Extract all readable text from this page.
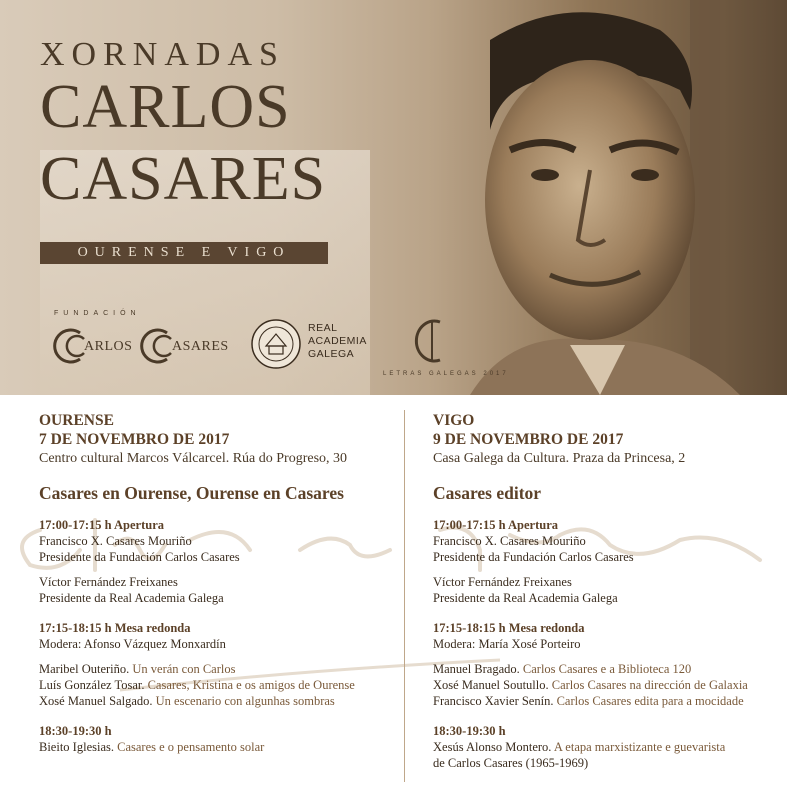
XORNADAS
CARLOS
CASARES
OURENSE E VIGO
FUNDACIÓN
ARLOS	ASARES
REAL
ACADEMIA
GALEGA
LETRAS GALEGAS 2017
OURENSE
7 DE NOVEMBRO DE 2017
Centro cultural Marcos Válcarcel. Rúa do Progreso, 30
Casares en Ourense, Ourense en Casares
17:00-17:15 h Apertura
Francisco X. Casares Mouriño
Presidente da Fundación Carlos Casares
Víctor Fernández Freixanes
Presidente da Real Academia Galega
17:15-18:15 h Mesa redonda
Modera: Afonso Vázquez Monxardín
Maribel Outeriño. Un verán con Carlos
Luís González Tosar. Casares, Kristina e os amigos de Ourense
Xosé Manuel Salgado. Un escenario con algunhas sombras
18:30-19:30 h
Bieito Iglesias. Casares e o pensamento solar
VIGO
9 DE NOVEMBRO DE 2017
Casa Galega da Cultura. Praza da Princesa, 2
Casares editor
17:00-17:15 h Apertura
Francisco X. Casares Mouriño
Presidente da Fundación Carlos Casares
Víctor Fernández Freixanes
Presidente da Real Academia Galega
17:15-18:15 h Mesa redonda
Modera: María Xosé Porteiro
Manuel Bragado. Carlos Casares e a Biblioteca 120
Xosé Manuel Soutullo. Carlos Casares na dirección de Galaxia
Francisco Xavier Senín. Carlos Casares edita para a mocidade
18:30-19:30 h
Xesús Alonso Montero. A etapa marxistizante e guevarista
de Carlos Casares (1965-1969)
